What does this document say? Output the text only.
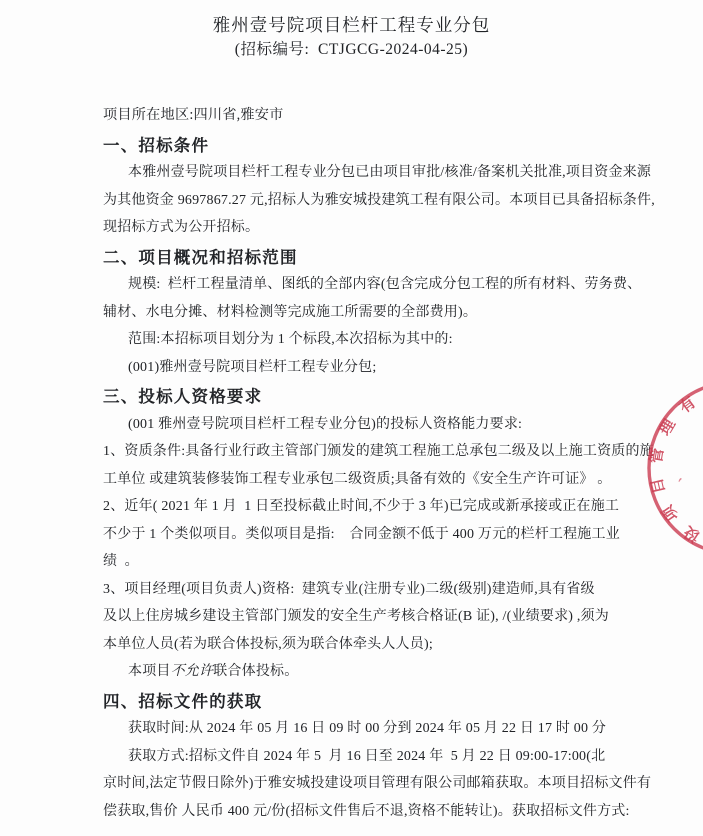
雅州壹号院项目栏杆工程专业分包
(招标编号:  CTJGCG-2024-04-25)
项目所在地区:四川省,雅安市
一、招标条件
本雅州壹号院项目栏杆工程专业分包已由项目审批/核准/备案机关批准,项目资金来源
为其他资金 9697867.27 元,招标人为雅安城投建筑工程有限公司。本项目已具备招标条件,
现招标方式为公开招标。
二、项目概况和招标范围
规模:  栏杆工程量清单、图纸的全部内容(包含完成分包工程的所有材料、劳务费、
辅材、水电分摊、材料检测等完成施工所需要的全部费用)。
范围:本招标项目划分为 1 个标段,本次招标为其中的:
(001)雅州壹号院项目栏杆工程专业分包;
三、投标人资格要求
(001 雅州壹号院项目栏杆工程专业分包)的投标人资格能力要求:
1、资质条件:具备行业行政主管部门颁发的建筑工程施工总承包二级及以上施工资质的施
工单位 或建筑装修装饰工程专业承包二级资质;具备有效的《安全生产许可证》 。
2、近年( 2021 年 1 月  1 日至投标截止时间,不少于 3 年)已完成或新承接或正在施工
不少于 1 个类似项目。类似项目是指:    合同金额不低于 400 万元的栏杆工程施工业
绩  。
3、项目经理(项目负责人)资格:  建筑专业(注册专业)二级(级别)建造师,具有省级
及以上住房城乡建设主管部门颁发的安全生产考核合格证(B 证), /(业绩要求) ,须为
本单位人员(若为联合体投标,须为联合体牵头人人员);
本项目不允许联合体投标。
四、招标文件的获取
获取时间:从 2024 年 05 月 16 日 09 时 00 分到 2024 年 05 月 22 日 17 时 00 分
获取方式:招标文件自 2024 年 5  月 16 日至 2024 年  5 月 22 日 09:00-17:00(北
京时间,法定节假日除外)于雅安城投建设项目管理有限公司邮箱获取。本项目招标文件有
偿获取,售价 人民币 400 元/份(招标文件售后不退,资格不能转让)。获取招标文件方式:
有
理
管
目
项
设
、
